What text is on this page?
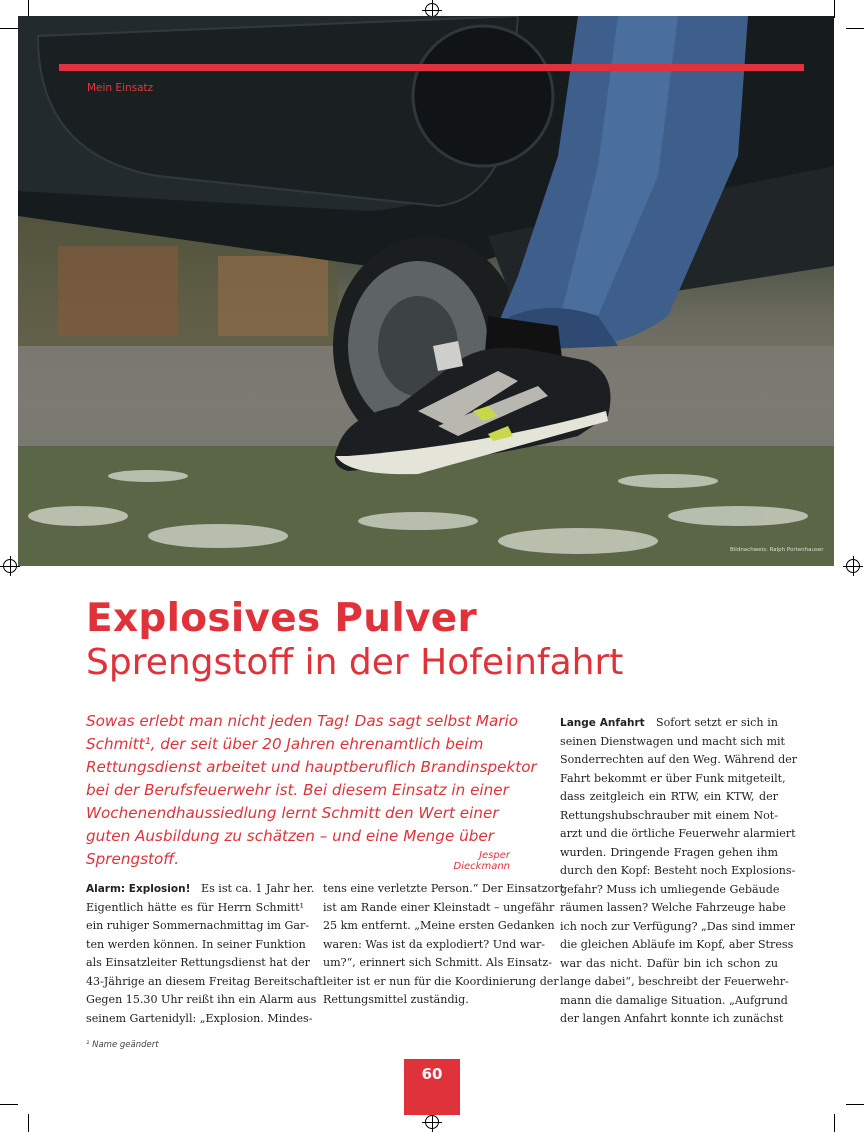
Mein Einsatz
Bildnachweis: Ralph Portenhauser
Explosives Pulver
Sprengstoff in der Hofeinfahrt
Sowas erlebt man nicht jeden Tag! Das sagt selbst Mario Schmitt¹, der seit über 20 Jahren ehrenamtlich beim Rettungsdienst arbeitet und hauptberuflich Brandinspektor bei der Berufsfeuerwehr ist. Bei diesem Einsatz in einer Wochenendhaussiedlung lernt Schmitt den Wert einer guten Ausbildung zu schätzen – und eine Menge über Sprengstoff.	Jesper Dieckmann
Alarm: Explosion! Es ist ca. 1 Jahr her.
Eigentlich hätte es für Herrn Schmitt¹
ein ruhiger Sommernachmittag im Gar-
ten werden können. In seiner Funktion
als Einsatzleiter Rettungsdienst hat der
43-Jährige an diesem Freitag Bereitschaft.
Gegen 15.30 Uhr reißt ihn ein Alarm aus
seinem Gartenidyll: „Explosion. Mindes-
tens eine verletzte Person.“ Der Einsatzort
ist am Rande einer Kleinstadt – ungefähr
25 km entfernt. „Meine ersten Gedanken
waren: Was ist da explodiert? Und war-
um?“, erinnert sich Schmitt. Als Einsatz-
leiter ist er nun für die Koordinierung der
Rettungsmittel zuständig.
Lange Anfahrt Sofort setzt er sich in
seinen Dienstwagen und macht sich mit
Sonderrechten auf den Weg. Während der
Fahrt bekommt er über Funk mitgeteilt,
dass zeitgleich ein RTW, ein KTW, der
Rettungshubschrauber mit einem Not-
arzt und die örtliche Feuerwehr alarmiert
wurden. Dringende Fragen gehen ihm
durch den Kopf: Besteht noch Explosions-
gefahr? Muss ich umliegende Gebäude
räumen lassen? Welche Fahrzeuge habe
ich noch zur Verfügung? „Das sind immer
die gleichen Abläufe im Kopf, aber Stress
war das nicht. Dafür bin ich schon zu
lange dabei“, beschreibt der Feuerwehr-
mann die damalige Situation. „Aufgrund
der langen Anfahrt konnte ich zunächst
¹ Name geändert
60
